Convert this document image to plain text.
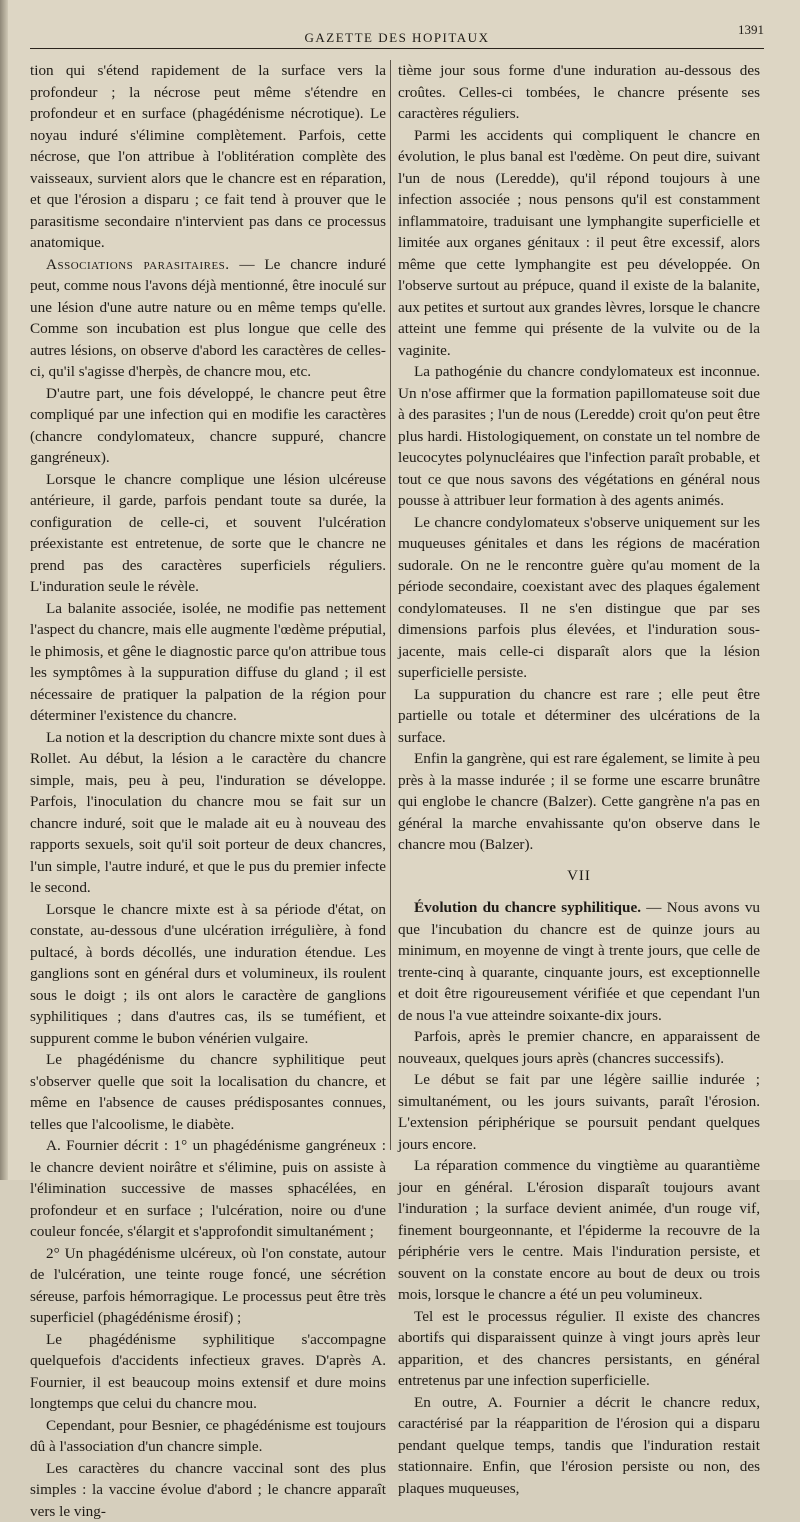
GAZETTE DES HOPITAUX
1391

tion qui s'étend rapidement de la surface vers la profondeur ; la nécrose peut même s'étendre en profondeur et en surface (phagédénisme nécrotique). Le noyau induré s'élimine complètement. Parfois, cette nécrose, que l'on attribue à l'oblitération complète des vaisseaux, survient alors que le chancre est en réparation, et que l'érosion a disparu ; ce fait tend à prouver que le parasitisme secondaire n'intervient pas dans ce processus anatomique.

Associations parasitaires. — Le chancre induré peut, comme nous l'avons déjà mentionné, être inoculé sur une lésion d'une autre nature ou en même temps qu'elle. Comme son incubation est plus longue que celle des autres lésions, on observe d'abord les caractères de celles-ci, qu'il s'agisse d'herpès, de chancre mou, etc.

D'autre part, une fois développé, le chancre peut être compliqué par une infection qui en modifie les caractères (chancre condylomateux, chancre suppuré, chancre gangréneux).

Lorsque le chancre complique une lésion ulcéreuse antérieure, il garde, parfois pendant toute sa durée, la configuration de celle-ci, et souvent l'ulcération préexistante est entretenue, de sorte que le chancre ne prend pas des caractères superficiels réguliers. L'induration seule le révèle.

La balanite associée, isolée, ne modifie pas nettement l'aspect du chancre, mais elle augmente l'œdème préputial, le phimosis, et gêne le diagnostic parce qu'on attribue tous les symptômes à la suppuration diffuse du gland ; il est nécessaire de pratiquer la palpation de la région pour déterminer l'existence du chancre.

La notion et la description du chancre mixte sont dues à Rollet. Au début, la lésion a le caractère du chancre simple, mais, peu à peu, l'induration se développe. Parfois, l'inoculation du chancre mou se fait sur un chancre induré, soit que le malade ait eu à nouveau des rapports sexuels, soit qu'il soit porteur de deux chancres, l'un simple, l'autre induré, et que le pus du premier infecte le second.

Lorsque le chancre mixte est à sa période d'état, on constate, au-dessous d'une ulcération irrégulière, à fond pultacé, à bords décollés, une induration étendue. Les ganglions sont en général durs et volumineux, ils roulent sous le doigt ; ils ont alors le caractère de ganglions syphilitiques ; dans d'autres cas, ils se tuméfient, et suppurent comme le bubon vénérien vulgaire.

Le phagédénisme du chancre syphilitique peut s'observer quelle que soit la localisation du chancre, et même en l'absence de causes prédisposantes connues, telles que l'alcoolisme, le diabète.

A. Fournier décrit : 1° un phagédénisme gangréneux : le chancre devient noirâtre et s'élimine, puis on assiste à l'élimination successive de masses sphacélées, en profondeur et en surface ; l'ulcération, noire ou d'une couleur foncée, s'élargit et s'approfondit simultanément ;

2° Un phagédénisme ulcéreux, où l'on constate, autour de l'ulcération, une teinte rouge foncé, une sécrétion séreuse, parfois hémorragique. Le processus peut être très superficiel (phagédénisme érosif) ;

Le phagédénisme syphilitique s'accompagne quelquefois d'accidents infectieux graves. D'après A. Fournier, il est beaucoup moins extensif et dure moins longtemps que celui du chancre mou.

Cependant, pour Besnier, ce phagédénisme est toujours dû à l'association d'un chancre simple.

Les caractères du chancre vaccinal sont des plus simples : la vaccine évolue d'abord ; le chancre apparaît vers le ving-

tième jour sous forme d'une induration au-dessous des croûtes. Celles-ci tombées, le chancre présente ses caractères réguliers.

Parmi les accidents qui compliquent le chancre en évolution, le plus banal est l'œdème. On peut dire, suivant l'un de nous (Leredde), qu'il répond toujours à une infection associée ; nous pensons qu'il est constamment inflammatoire, traduisant une lymphangite superficielle et limitée aux organes génitaux : il peut être excessif, alors même que cette lymphangite est peu développée. On l'observe surtout au prépuce, quand il existe de la balanite, aux petites et surtout aux grandes lèvres, lorsque le chancre atteint une femme qui présente de la vulvite ou de la vaginite.

La pathogénie du chancre condylomateux est inconnue. Un n'ose affirmer que la formation papillomateuse soit due à des parasites ; l'un de nous (Leredde) croit qu'on peut être plus hardi. Histologiquement, on constate un tel nombre de leucocytes polynucléaires que l'infection paraît probable, et tout ce que nous savons des végétations en général nous pousse à attribuer leur formation à des agents animés.

Le chancre condylomateux s'observe uniquement sur les muqueuses génitales et dans les régions de macération sudorale. On ne le rencontre guère qu'au moment de la période secondaire, coexistant avec des plaques également condylomateuses. Il ne s'en distingue que par ses dimensions parfois plus élevées, et l'induration sous-jacente, mais celle-ci disparaît alors que la lésion superficielle persiste.

La suppuration du chancre est rare ; elle peut être partielle ou totale et déterminer des ulcérations de la surface.

Enfin la gangrène, qui est rare également, se limite à peu près à la masse indurée ; il se forme une escarre brunâtre qui englobe le chancre (Balzer). Cette gangrène n'a pas en général la marche envahissante qu'on observe dans le chancre mou (Balzer).

VII

Évolution du chancre syphilitique. — Nous avons vu que l'incubation du chancre est de quinze jours au minimum, en moyenne de vingt à trente jours, que celle de trente-cinq à quarante, cinquante jours, est exceptionnelle et doit être rigoureusement vérifiée et que cependant l'un de nous l'a vue atteindre soixante-dix jours.

Parfois, après le premier chancre, en apparaissent de nouveaux, quelques jours après (chancres successifs).

Le début se fait par une légère saillie indurée ; simultanément, ou les jours suivants, paraît l'érosion. L'extension périphérique se poursuit pendant quelques jours encore.

La réparation commence du vingtième au quarantième jour en général. L'érosion disparaît toujours avant l'induration ; la surface devient animée, d'un rouge vif, finement bourgeonnante, et l'épiderme la recouvre de la périphérie vers le centre. Mais l'induration persiste, et souvent on la constate encore au bout de deux ou trois mois, lorsque le chancre a été un peu volumineux.

Tel est le processus régulier. Il existe des chancres abortifs qui disparaissent quinze à vingt jours après leur apparition, et des chancres persistants, en général entretenus par une infection superficielle.

En outre, A. Fournier a décrit le chancre redux, caractérisé par la réapparition de l'érosion qui a disparu pendant quelque temps, tandis que l'induration restait stationnaire. Enfin, que l'érosion persiste ou non, des plaques muqueuses,
